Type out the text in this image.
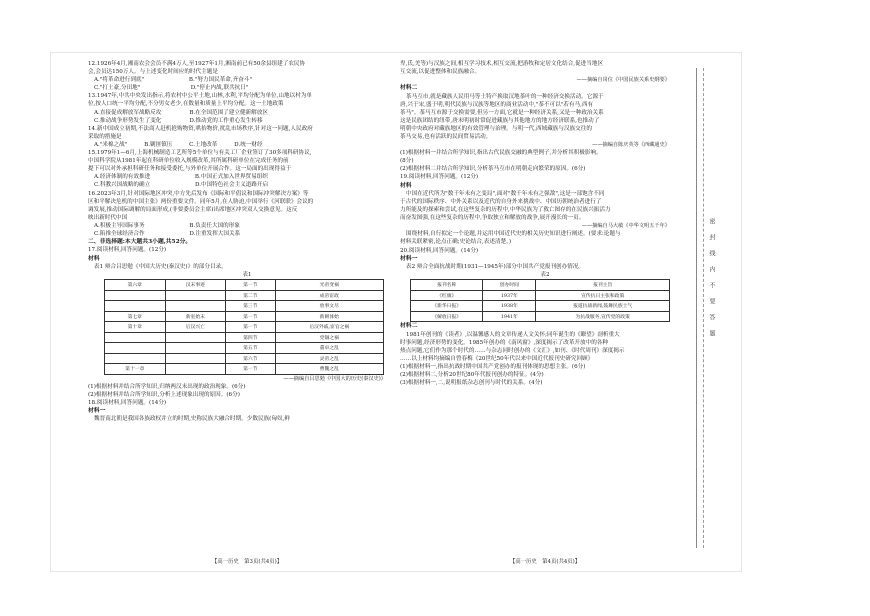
12.1926年4月,湘南农会会员不满4万人,至1927年1月,湘南前已有50余县组建了农民协
会,会员达150万人。与上述变化时间应的时代主题是
A."将革命进行到底"　　　　　　　　B."努力国民革命,齐奋斗"
C."打土豪,分田地"　　　　　　　　　D."停止内战,联共抗日"
13.1947年,中共中央发出指示,将农村中公平土地,山林,水利,平均分配为单位,山地以村为单
位,按人口统一平均分配,不分男女老少,在数量和质量上平均分配。这一土地政策
A.直接促成解放军战略反攻　　　　　B.在全国范围了建立健新解放区
C.推动战争形势发生了变化　　　　　D.推动党的工作重心发生转移
14.新中国成立初期,不法商人赶机抢购物资,哄抬物价,扰乱市场秩序,针对这一问题,人民政府
采取的措施是
A."米棉之战"　　　B.剿匪镇压　　　C.土地改革　　　D.统一财经
15.1979年1—6月,上海机械制造工艺所等5个单位与有关工厂企业签订了30多项科研协议,
中国科学院从1981年起在科研单位收入规模改革,其所属科研单位在完成任务的前
提下可以对外承担科研任务和接受委托,与外单位开展合作。这一局面的出现得益于
A.经济体制的有效推进　　　　　　　　B.中国正式加入世界贸易组织
C.科教兴国战略的确立　　　　　　　　D.中国特色社会主义道路开启
16.2023年3月,针对国际地区冲突,中方先后发布《国际和平倡议和国际冲突解决方案》等
区和平解决危机的中国主张》两份重要文件。同年5月,在人胁迫,中国举行《河联联》会议的
调发展,推动国际调解的局面形成,(非要委员会主席)出席地区冲突双人交换意见。这反
映出新时代中国
A.积极主导国际事务　　　　　　　　B.负责任大国的形象
C.陷推全球经济合作　　　　　　　　D.注重发挥大国关系
二、非选择题:本大题共3小题,共52分。
17.阅读材料,回答问题。(12分)
材料
表1 辩合吕思勉《中国大历史(秦汉史)》的部分目录。
表1
第六章	汉末事迹	第一节	光帝变祸
		第二节	成帝宦政
		第三节	放事文尽
第七章	新室始末	第一节	新朝体始
第十章	后汉兴亡	第一节	后汉外戚,宦官之祸
		第四节	党锢之祸
		第五节	董卓之乱
		第六节	灵帝之乱
第十一章		第一节	曹魏之乱
——摘编自吕思勉《中国大的历史(秦汉史)》
(1)根据材料并结合所学知识,归纳两汉末出现的政治现象。(6分)
(2)根据材料并结合所学知识,分析上述现象出现的原因。(6分)
18.阅读材料,回答问题。(14分)
材料一
魏晋南北朝是我国各族政权并立的时期,史称民族大融合时期。少数民族(匈奴,鲜
【高一历史　第3页(共4页)】
卑,氐,羌等)与汉族之间,相互学习技术,相互交流,把游牧和定居文化结合,促进当地区
互交流,以促进整体和民族融合。
——摘编自岗位《中国民族关系史纲要》
材料二
茶马互市,就是藏族人民用马等土特产换取汉地茶叶的一种经济交换活动。它源于
唐,兴于宋,盛于明,明代民族与汉族等地区的商业活动中,"茶不可以"若有马,西有
茶马"。茶马互市源于交换需要,但另一方面,它就是一种经济关系,又是一种政治关系
这是民族团结的纽带,唐末明初时常促进藏族与其他地方的地方经济联系,也推动了
明朝中央政府对藏族地区的有效管理与治理。与明一代,西域藏族与汉族交往的
茶马交易,也有活跃的民间贸易活动。
——摘编自陈庆英等《西藏通史》
(1)根据材料一并结合所学知识,指出古代民族交融的典型例子,并分析其积极影响。
(8分)
(2)根据材料二并结合所学知识,分析茶马互市在明朝走向繁荣的原因。(6分)
19.阅读材料,回答问题。(12分)
材料
中国在近代所为"数千年未有之变局",面对"数千年未有之强敌",这是一部饱含不同
于古代的国际秩序、中外关系以及近代的自身外来挑战中、中国历朝统治者进行了
力所能及的探索和尝试,在这些复杂的历程中,中华民族为了救亡图存的在民族兴振活力
而奋发图强,在这些复杂的历程中,争取独立和解放的战争,展开漫长的一页。
——摘编自马大敏《中华文明五千年》
围绕材料,自行拟定一个论题,并运用中国近代史的相关历史知识进行阐述。(要求:论题与
材料关联紧密,论点正确;史论结合,表述清楚。)
20.阅读材料,回答问题。(14分)
材料一
表2 辩合全面抗战时期(1931—1945年)部分中国共产党报刊创办情况。
表2
报刊名称	创办时间	报刊主旨
《红旗》	1937年	宣传抗日主张和政策
《新华日报》	1938年	报道抗战新闻,鼓舞民族士气
《解放日报》	1941年	为抗战服务,宣传党的政策
材料二
1981年创刊的《读者》,以温馨感人的文章传递人文关怀;同年诞生的《瞭望》剖析重大
时事问题,经济形势的变化。1985年创办的《南风窗》,深度揭示了改革开放中的各种
热点问题,它们作为那个时代的……与杂志同时创办的《文汇》,如刊、《时代周刊》深度揭示
……以上材料均摘编自曾春梅《20世纪50年代以来中国近代报刊史研究回顾》
(1)根据材料一,指出抗战时期中国共产党创办的报刊体现的思想主张。(6分)
(2)根据材料二,分析20世纪80年代报刊创办的特征。(4分)
(3)根据材料一,二,说明报纸杂志创刊与时代的关系。(4分)
【高一历史　第4页(共4页)】
密封线内不要答题
